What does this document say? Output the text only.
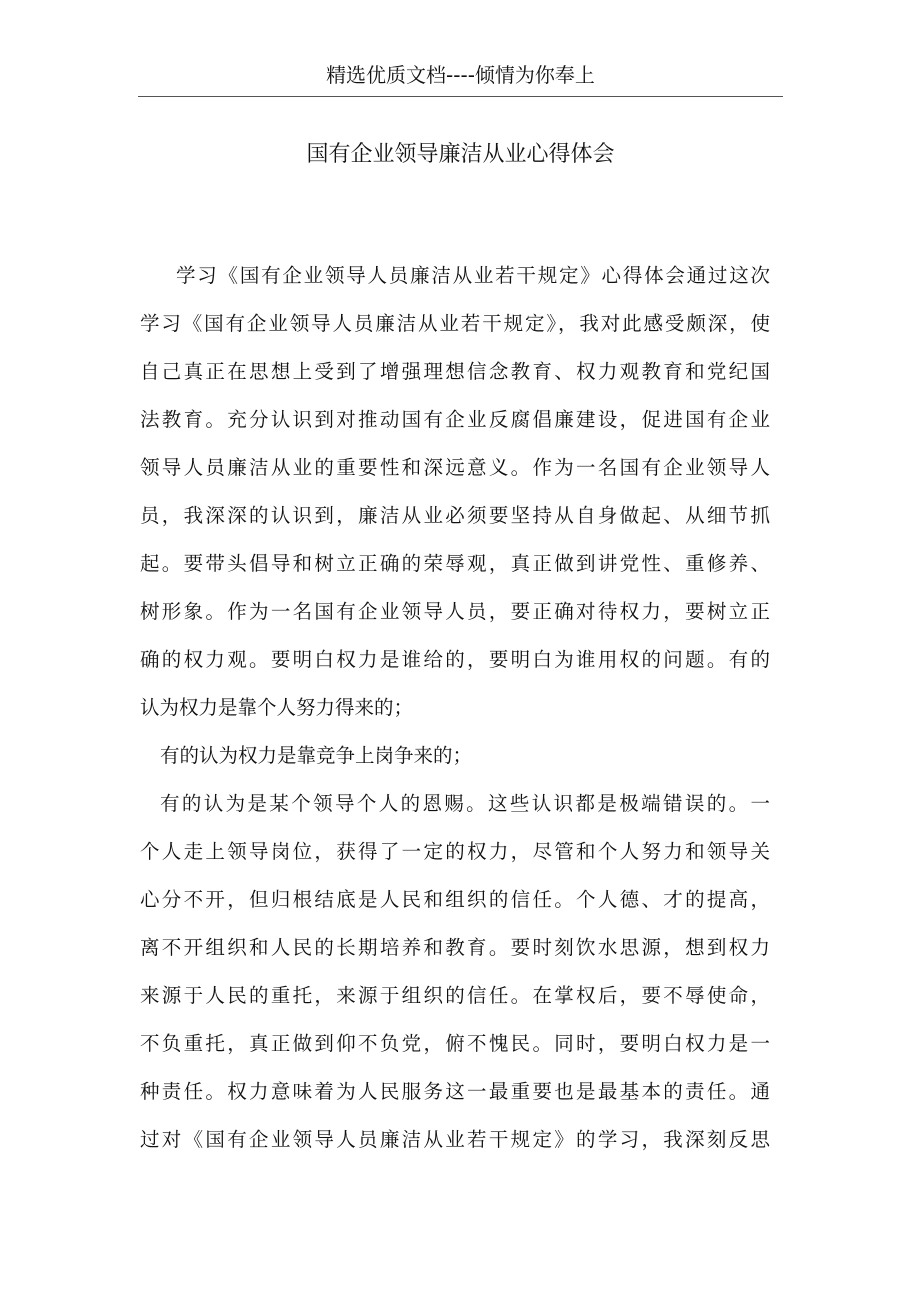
精选优质文档----倾情为你奉上
国有企业领导廉洁从业心得体会
学习《国有企业领导人员廉洁从业若干规定》心得体会通过这次
学习《国有企业领导人员廉洁从业若干规定》，我对此感受颇深，使
自己真正在思想上受到了增强理想信念教育、权力观教育和党纪国
法教育。充分认识到对推动国有企业反腐倡廉建设，促进国有企业
领导人员廉洁从业的重要性和深远意义。作为一名国有企业领导人
员，我深深的认识到，廉洁从业必须要坚持从自身做起、从细节抓
起。要带头倡导和树立正确的荣辱观，真正做到讲党性、重修养、
树形象。作为一名国有企业领导人员，要正确对待权力，要树立正
确的权力观。要明白权力是谁给的，要明白为谁用权的问题。有的
认为权力是靠个人努力得来的；
有的认为权力是靠竞争上岗争来的；
有的认为是某个领导个人的恩赐。这些认识都是极端错误的。一
个人走上领导岗位，获得了一定的权力，尽管和个人努力和领导关
心分不开，但归根结底是人民和组织的信任。个人德、才的提高，
离不开组织和人民的长期培养和教育。要时刻饮水思源，想到权力
来源于人民的重托，来源于组织的信任。在掌权后，要不辱使命，
不负重托，真正做到仰不负党，俯不愧民。同时，要明白权力是一
种责任。权力意味着为人民服务这一最重要也是最基本的责任。通
过对《国有企业领导人员廉洁从业若干规定》的学习，我深刻反思
